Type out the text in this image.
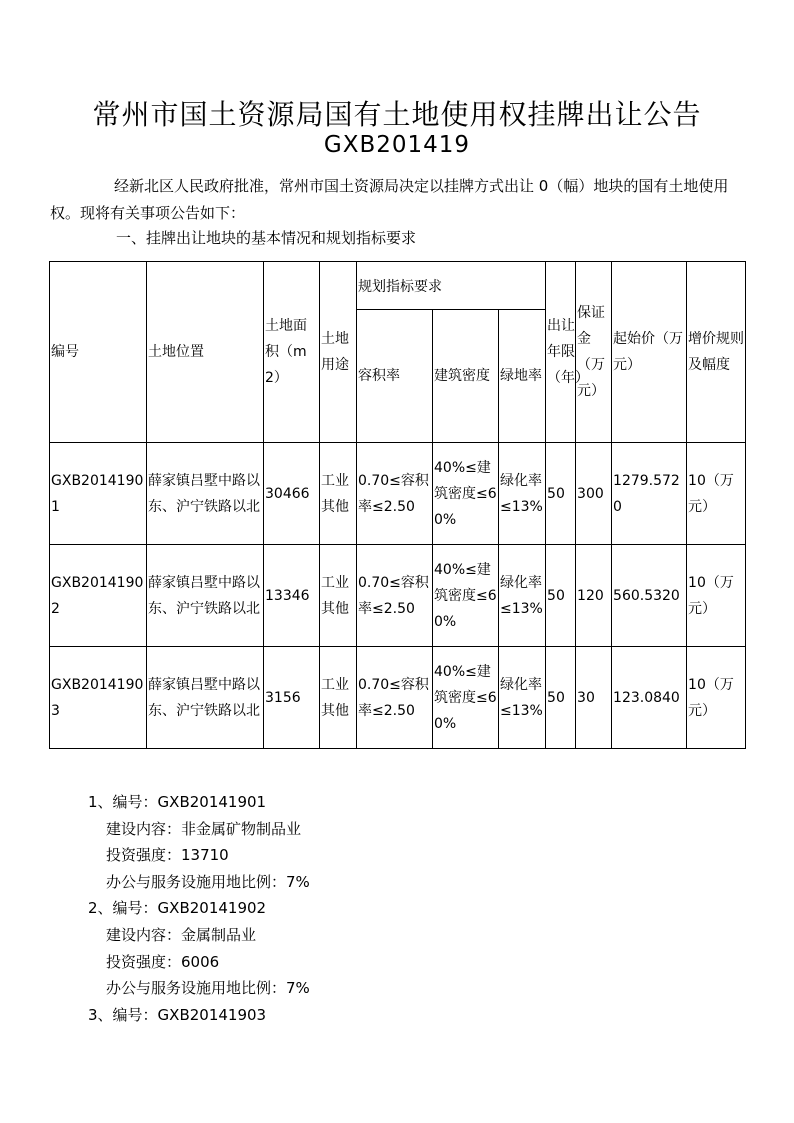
常州市国土资源局国有土地使用权挂牌出让公告
GXB201419
经新北区人民政府批准，常州市国土资源局决定以挂牌方式出让 0（幅）地块的国有土地使用权。现将有关事项公告如下：
一、挂牌出让地块的基本情况和规划指标要求
编号	土地位置	土地面积（m2）	土地用途	规划指标要求			出让年限（年）	保证金（万元）	起始价（万元）	增价规则及幅度
				容积率	建筑密度	绿地率				
GXB20141901	薛家镇吕墅中路以东、沪宁铁路以北	30466	工业其他	0.70≤容积率≤2.50	40%≤建筑密度≤60%	绿化率≤13%	50	300	1279.5720	10（万元）
GXB20141902	薛家镇吕墅中路以东、沪宁铁路以北	13346	工业其他	0.70≤容积率≤2.50	40%≤建筑密度≤60%	绿化率≤13%	50	120	560.5320	10（万元）
GXB20141903	薛家镇吕墅中路以东、沪宁铁路以北	3156	工业其他	0.70≤容积率≤2.50	40%≤建筑密度≤60%	绿化率≤13%	50	30	123.0840	10（万元）
1、编号：GXB20141901
建设内容：非金属矿物制品业
投资强度：13710
办公与服务设施用地比例：7%
2、编号：GXB20141902
建设内容：金属制品业
投资强度：6006
办公与服务设施用地比例：7%
3、编号：GXB20141903
